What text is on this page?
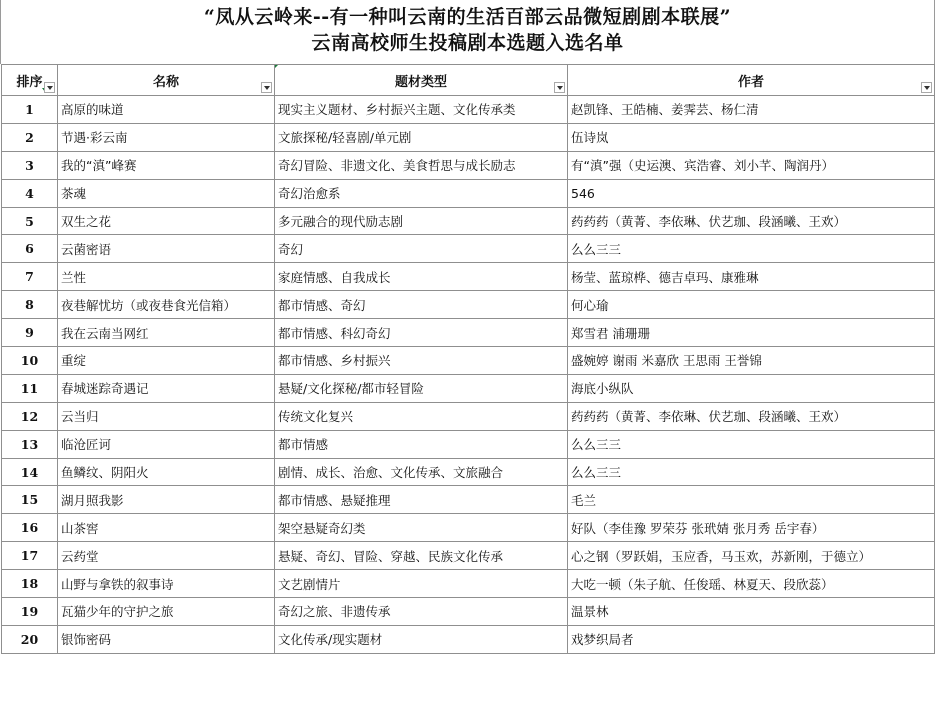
“凤从云岭来--有一种叫云南的生活百部云品微短剧剧本联展”
云南高校师生投稿剧本选题入选名单
排序	名称	题材类型	作者

1	高原的味道	现实主义题材、乡村振兴主题、文化传承类	赵凯锋、王皓楠、姜霁芸、杨仁清
2	节遇·彩云南	文旅探秘/轻喜剧/单元剧	伍诗岚
3	我的“滇”峰赛	奇幻冒险、非遗文化、美食哲思与成长励志	有“滇”强（史运澳、宾浩睿、刘小芊、陶润丹）
4	茶魂	奇幻治愈系	546
5	双生之花	多元融合的现代励志剧	药药药（黄菁、李依琳、伏艺珈、段涵曦、王欢）
6	云菌密语	奇幻	么么三三
7	兰性	家庭情感、自我成长	杨莹、蓝琼桦、德吉卓玛、康雅琳
8	夜巷解忧坊（或夜巷食光信箱）	都市情感、奇幻	何心瑜
9	我在云南当网红	都市情感、科幻奇幻	郑雪君 浦珊珊
10	重绽	都市情感、乡村振兴	盛婉婷 谢雨 米嘉欣 王思雨 王誉锦
11	春城迷踪奇遇记	悬疑/文化探秘/都市轻冒险	海底小纵队
12	云当归	传统文化复兴	药药药（黄菁、李依琳、伏艺珈、段涵曦、王欢）
13	临沧匠诃	都市情感	么么三三
14	鱼鳞纹、阴阳火	剧情、成长、治愈、文化传承、文旅融合	么么三三
15	湖月照我影	都市情感、悬疑推理	毛兰
16	山茶窖	架空悬疑奇幻类	好队（李佳豫 罗荣芬 张玳婧 张月秀 岳宇春）
17	云药堂	悬疑、奇幻、冒险、穿越、民族文化传承	心之钢（罗跃娟，玉应香，马玉欢，苏新刚，于德立）
18	山野与拿铁的叙事诗	文艺剧情片	大吃一顿（朱子航、任俊瑶、林夏天、段欣蕊）
19	瓦猫少年的守护之旅	奇幻之旅、非遗传承	温景林
20	银饰密码	文化传承/现实题材	戏梦织局者
